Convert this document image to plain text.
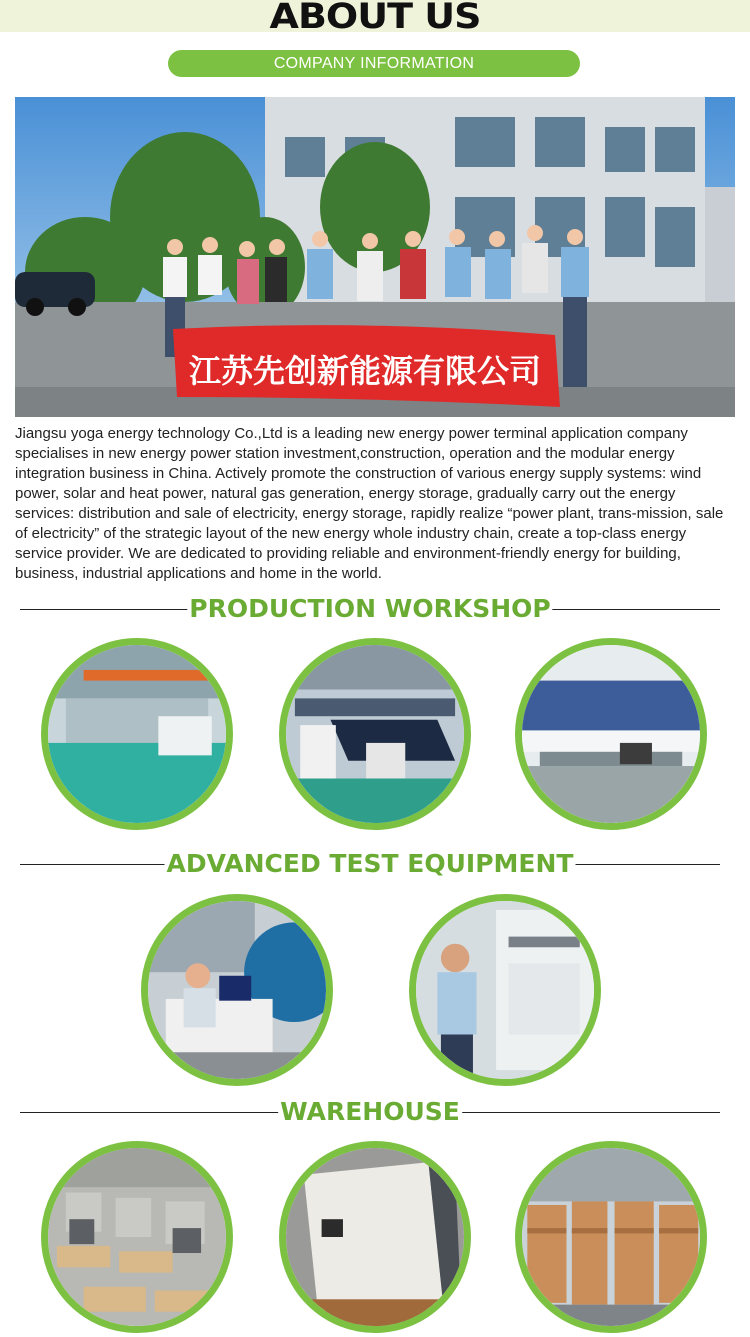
ABOUT US
COMPANY INFORMATION
江苏先创新能源有限公司

Jiangsu yoga energy technology Co.,Ltd is a leading new energy power terminal application company specialises in new energy power station investment,construction, operation and the modular energy integration business in China. Actively promote the construction of various energy supply systems: wind power, solar and heat power, natural gas generation, energy storage, gradually carry out the energy services: distribution and sale of electricity, energy storage, rapidly realize “power plant, trans-mission, sale of electricity” of the strategic layout of the new energy whole industry chain, create a top-class energy service provider. We are dedicated to providing reliable and environment-friendly energy for building, business, industrial applications and home in the world.

PRODUCTION WORKSHOP
ADVANCED TEST EQUIPMENT
WAREHOUSE
